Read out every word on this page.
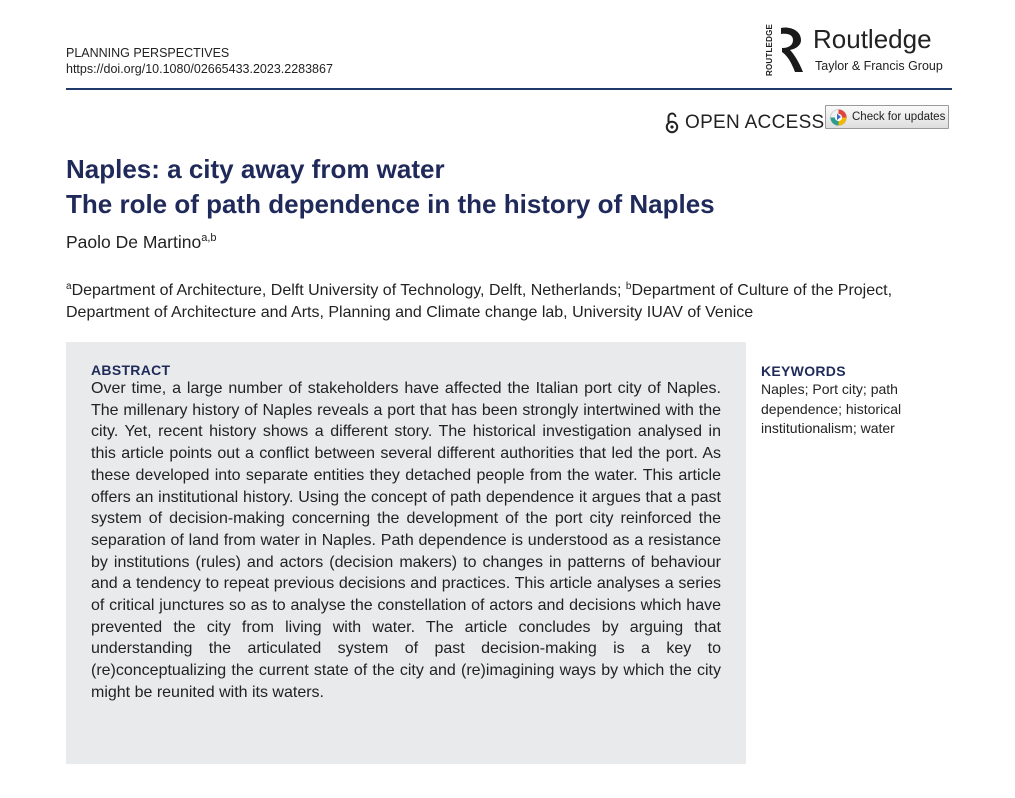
PLANNING PERSPECTIVES
https://doi.org/10.1080/02665433.2023.2283867	ROUTLEDGE Routledge
Taylor & Francis Group
OPEN ACCESS Check for updates
Naples: a city away from water
The role of path dependence in the history of Naples
Paolo De Martino$^{a,b}$
$^a$Department of Architecture, Delft University of Technology, Delft, Netherlands; $^b$Department of Culture of the Project, Department of Architecture and Arts, Planning and Climate change lab, University IUAV of Venice
ABSTRACT

Over time, a large number of stakeholders have affected the Italian port city of Naples. The millenary history of Naples reveals a port that has been strongly intertwined with the city. Yet, recent history shows a different story. The historical investigation analysed in this article points out a conflict between several different authorities that led the port. As these developed into separate entities they detached people from the water. This article offers an institutional history. Using the concept of path dependence it argues that a past system of decision-making concerning the development of the port city reinforced the separation of land from water in Naples. Path dependence is understood as a resistance by institutions (rules) and actors (decision makers) to changes in patterns of behaviour and a tendency to repeat previous decisions and practices. This article analyses a series of critical junctures so as to analyse the constellation of actors and decisions which have prevented the city from living with water. The article concludes by arguing that understanding the articulated system of past decision-making is a key to (re)conceptualizing the current state of the city and (re)imagining ways by which the city might be reunited with its waters.

KEYWORDS
Naples; Port city; path dependence; historical institutionalism; water
